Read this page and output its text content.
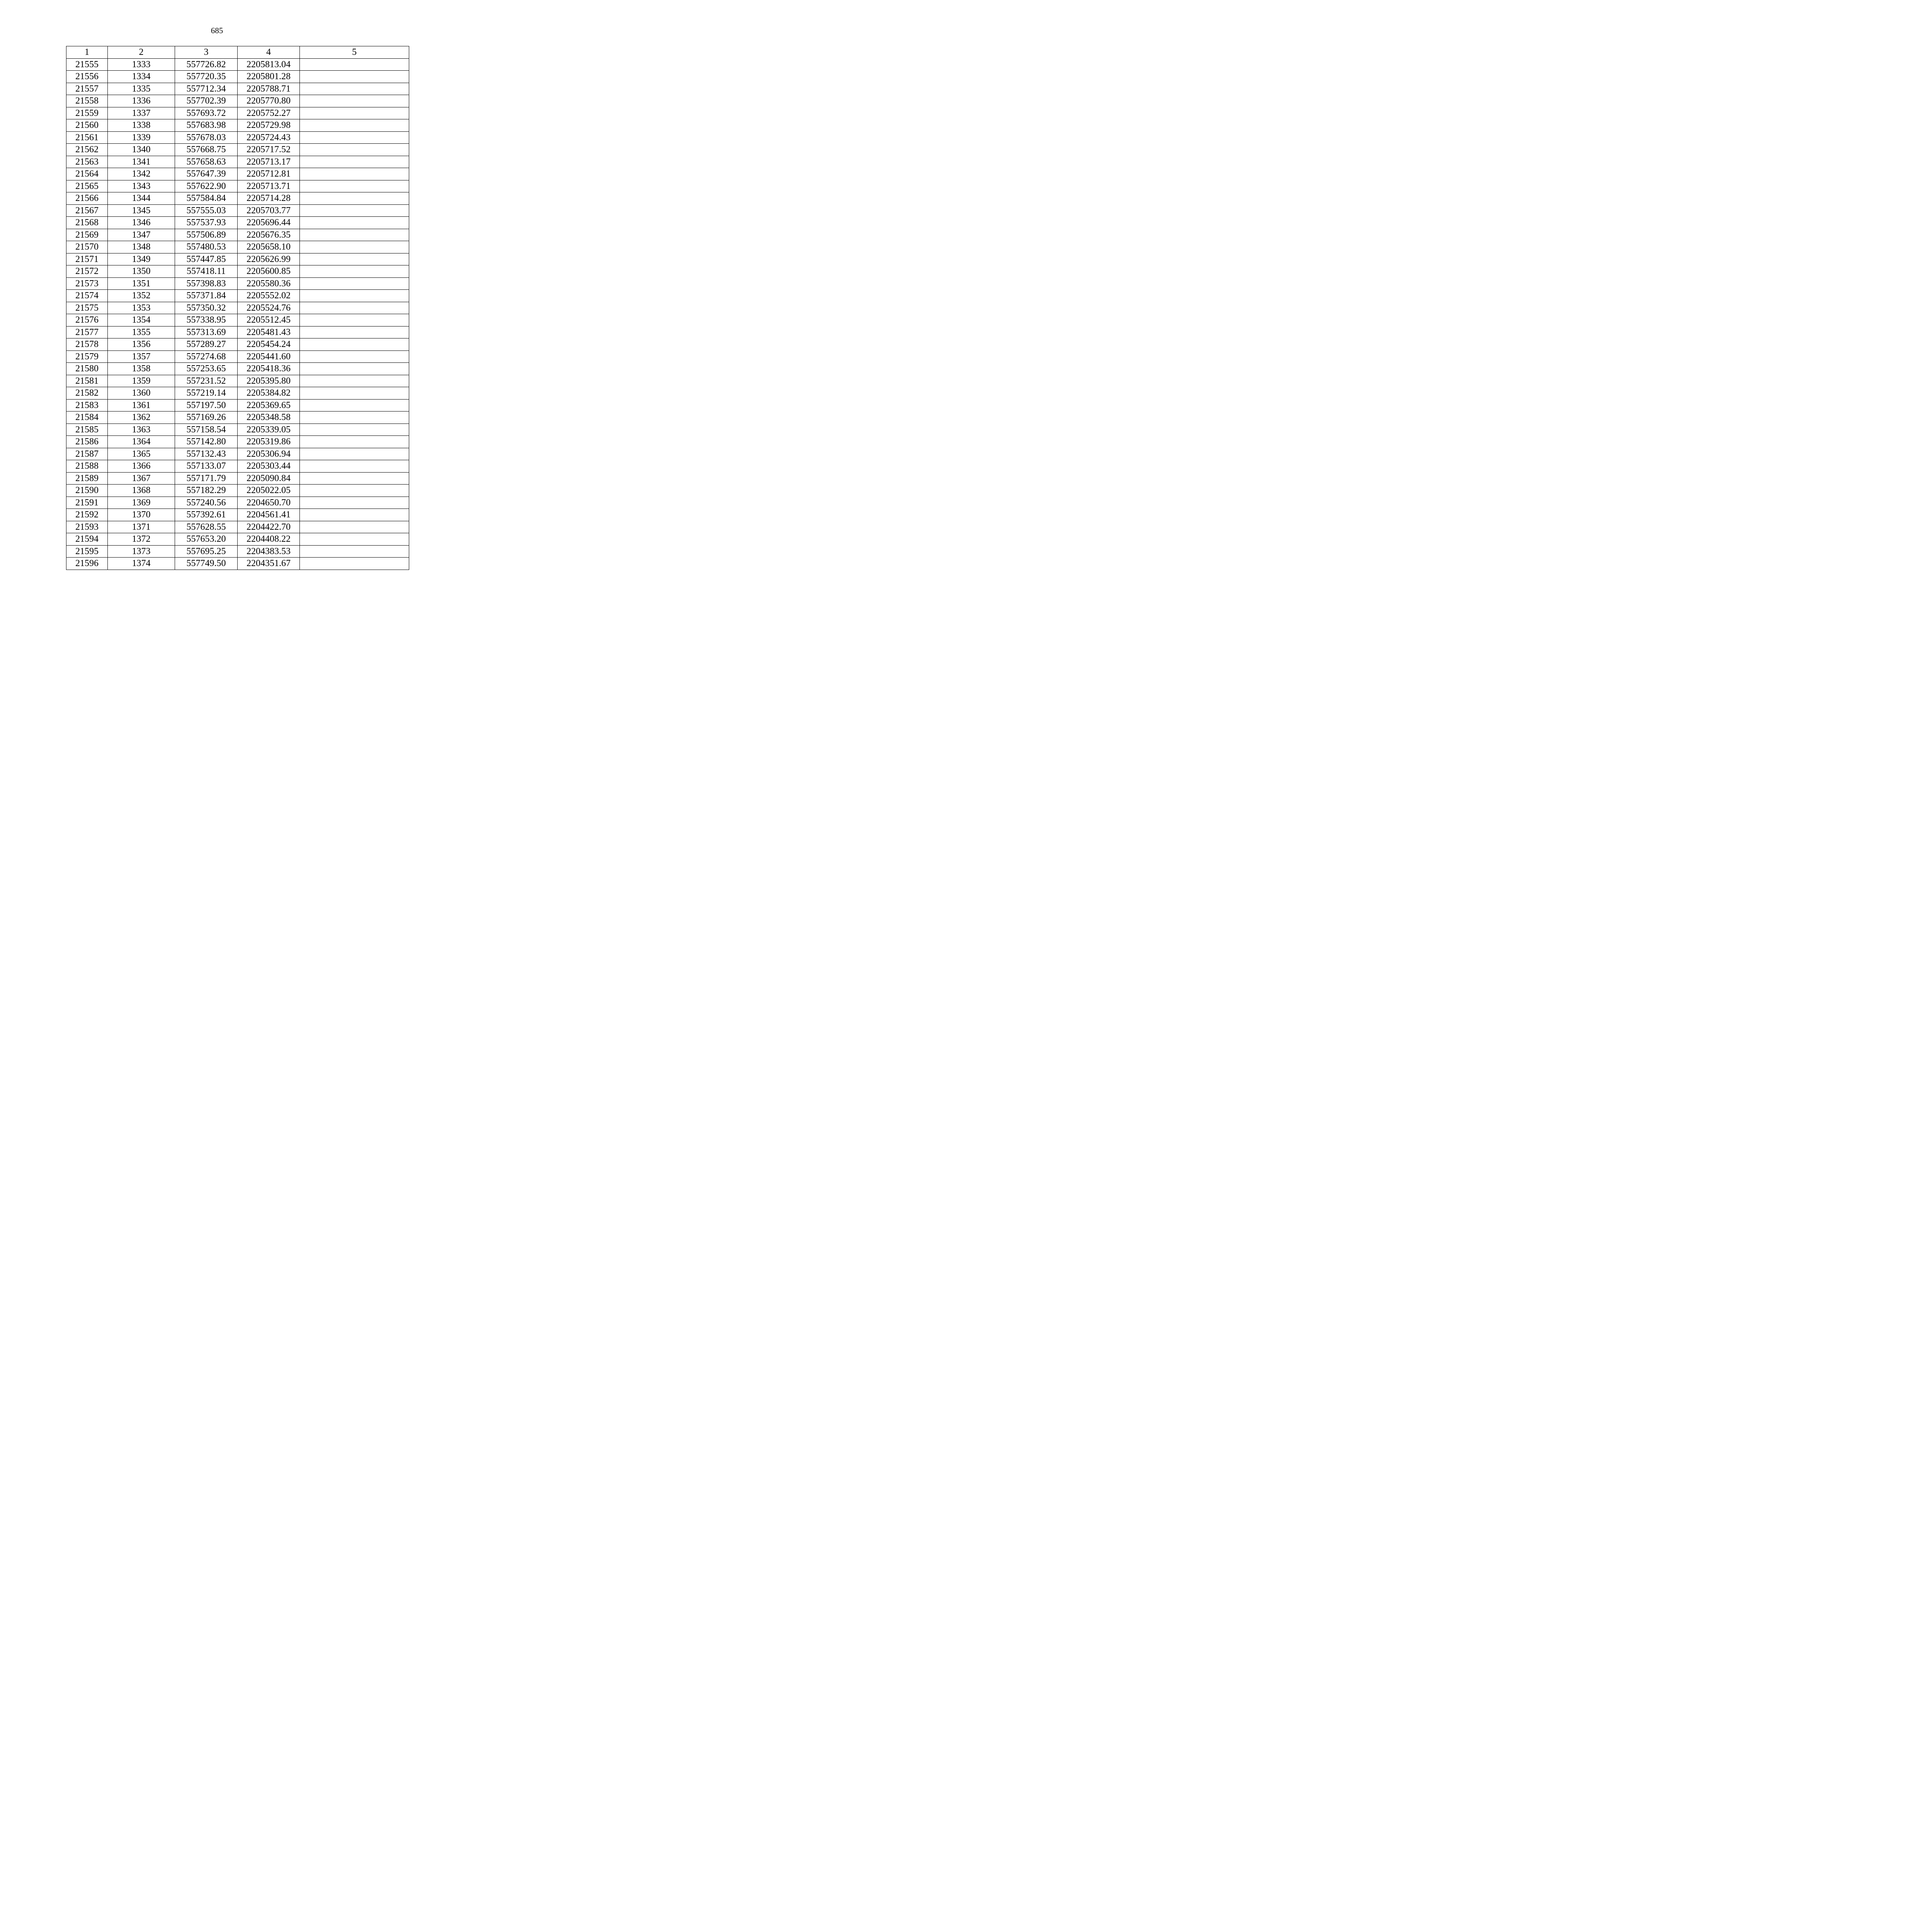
685
1	2	3	4	5
21555	1333	557726.82	2205813.04	
21556	1334	557720.35	2205801.28	
21557	1335	557712.34	2205788.71	
21558	1336	557702.39	2205770.80	
21559	1337	557693.72	2205752.27	
21560	1338	557683.98	2205729.98	
21561	1339	557678.03	2205724.43	
21562	1340	557668.75	2205717.52	
21563	1341	557658.63	2205713.17	
21564	1342	557647.39	2205712.81	
21565	1343	557622.90	2205713.71	
21566	1344	557584.84	2205714.28	
21567	1345	557555.03	2205703.77	
21568	1346	557537.93	2205696.44	
21569	1347	557506.89	2205676.35	
21570	1348	557480.53	2205658.10	
21571	1349	557447.85	2205626.99	
21572	1350	557418.11	2205600.85	
21573	1351	557398.83	2205580.36	
21574	1352	557371.84	2205552.02	
21575	1353	557350.32	2205524.76	
21576	1354	557338.95	2205512.45	
21577	1355	557313.69	2205481.43	
21578	1356	557289.27	2205454.24	
21579	1357	557274.68	2205441.60	
21580	1358	557253.65	2205418.36	
21581	1359	557231.52	2205395.80	
21582	1360	557219.14	2205384.82	
21583	1361	557197.50	2205369.65	
21584	1362	557169.26	2205348.58	
21585	1363	557158.54	2205339.05	
21586	1364	557142.80	2205319.86	
21587	1365	557132.43	2205306.94	
21588	1366	557133.07	2205303.44	
21589	1367	557171.79	2205090.84	
21590	1368	557182.29	2205022.05	
21591	1369	557240.56	2204650.70	
21592	1370	557392.61	2204561.41	
21593	1371	557628.55	2204422.70	
21594	1372	557653.20	2204408.22	
21595	1373	557695.25	2204383.53	
21596	1374	557749.50	2204351.67	
